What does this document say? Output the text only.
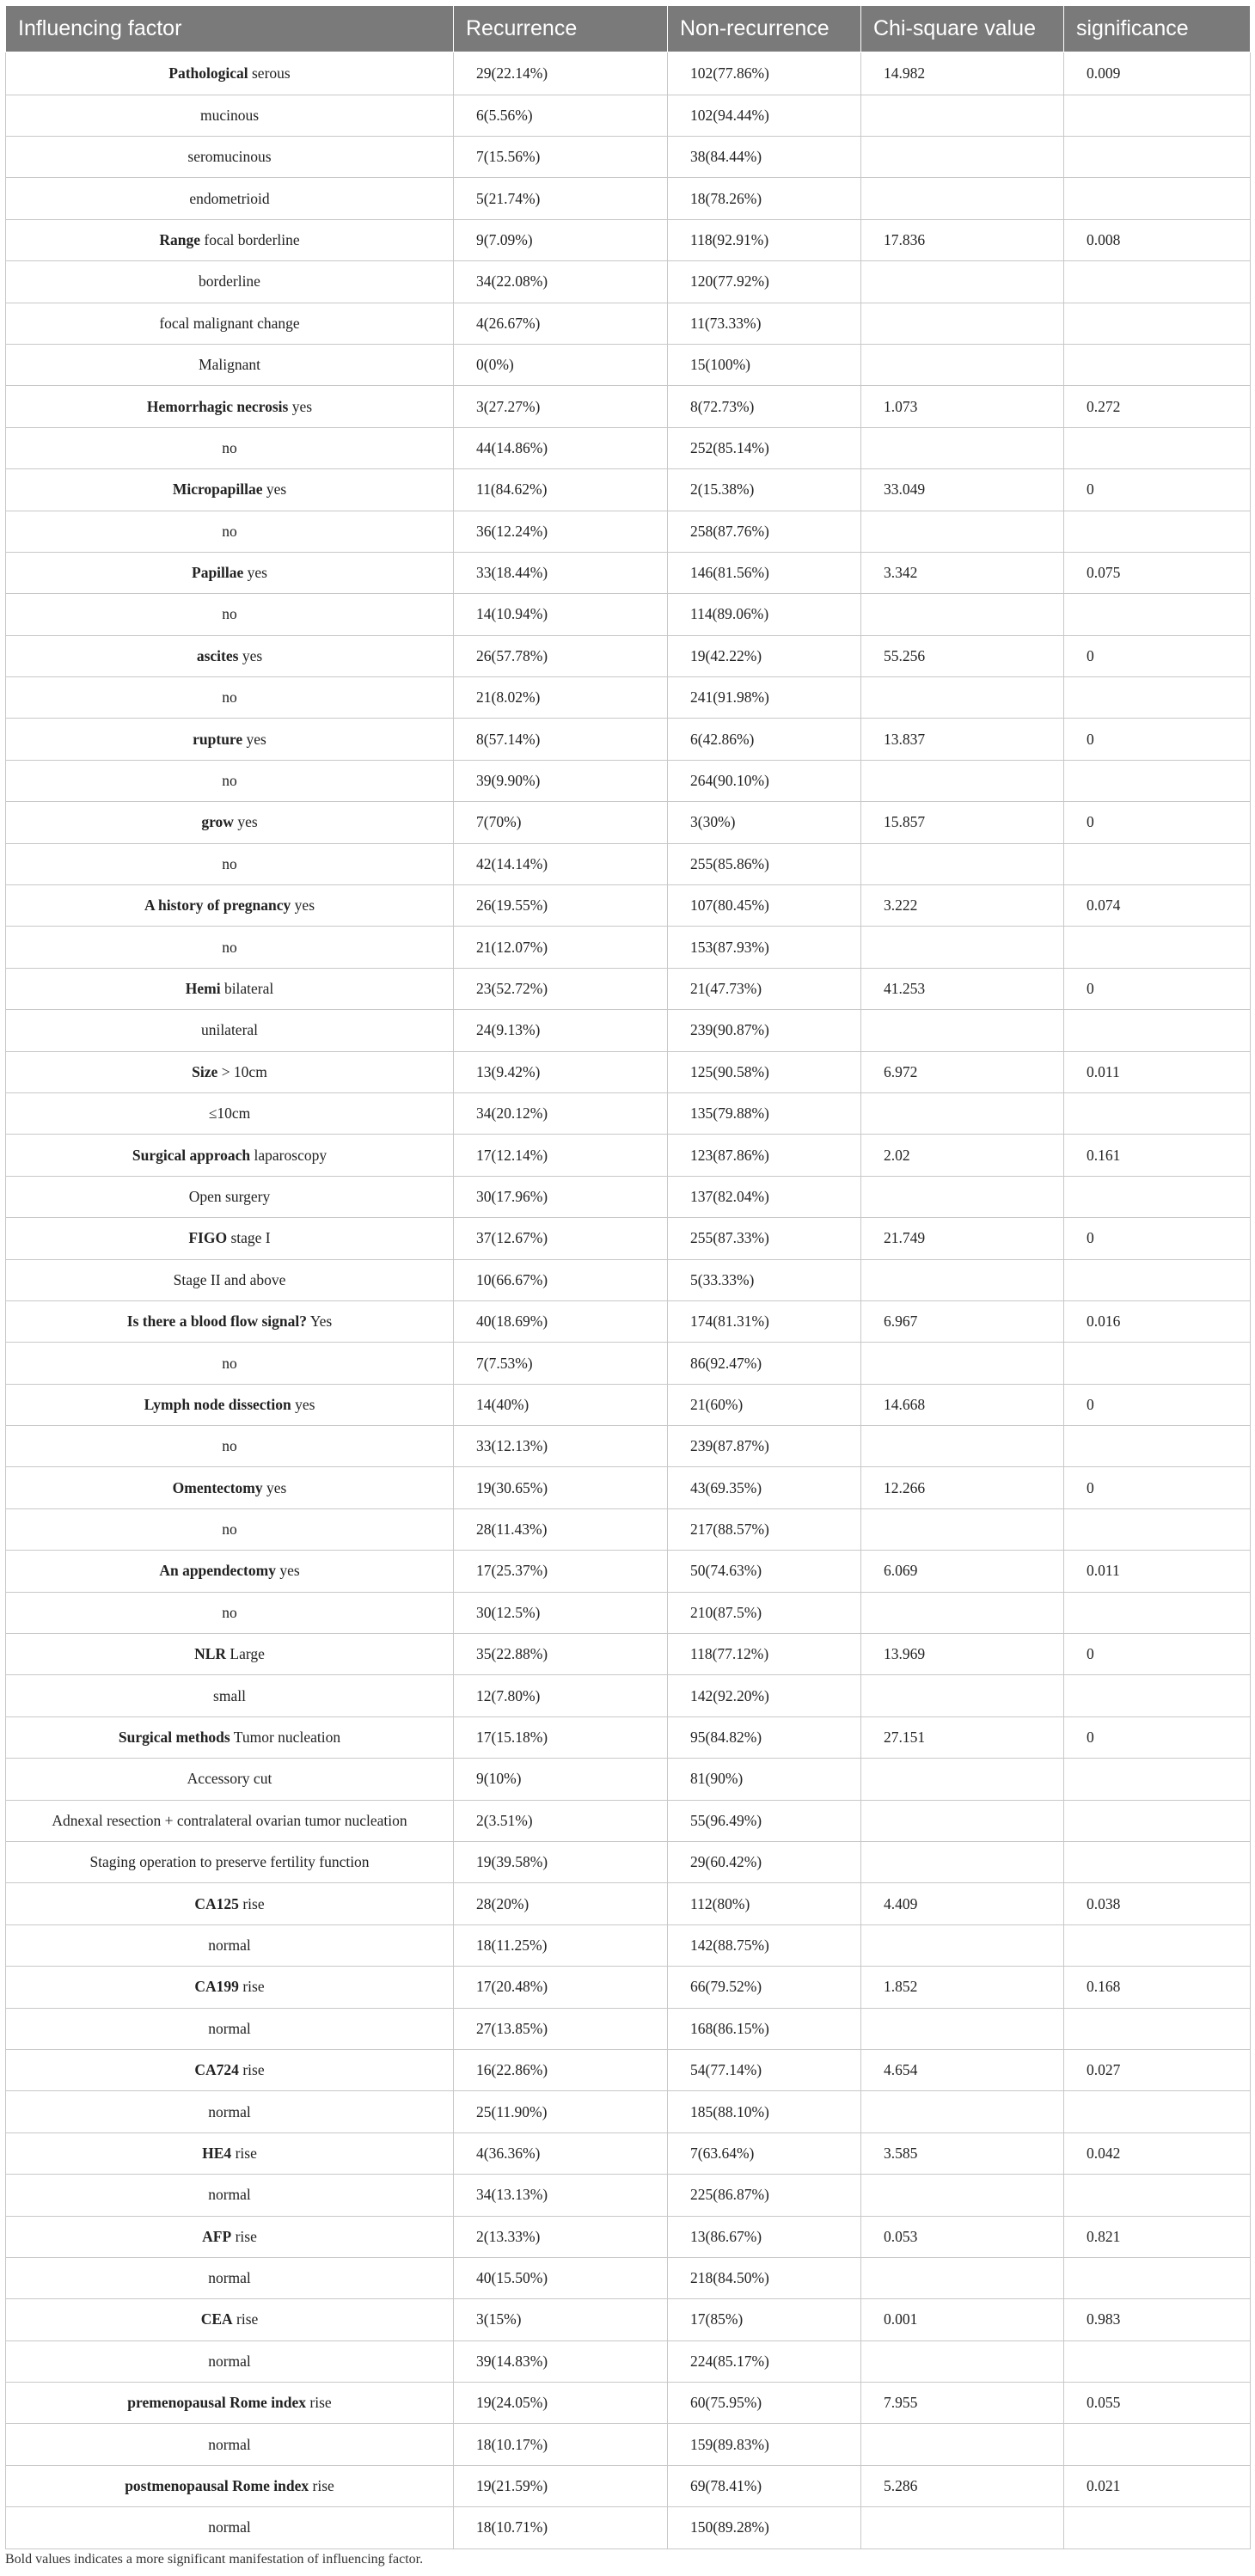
Influencing factor	Recurrence	Non-recurrence	Chi-square value	significance
Pathological serous	29(22.14%)	102(77.86%)	14.982	0.009
mucinous	6(5.56%)	102(94.44%)		
seromucinous	7(15.56%)	38(84.44%)		
endometrioid	5(21.74%)	18(78.26%)		
Range focal borderline	9(7.09%)	118(92.91%)	17.836	0.008
borderline	34(22.08%)	120(77.92%)		
focal malignant change	4(26.67%)	11(73.33%)		
Malignant	0(0%)	15(100%)		
Hemorrhagic necrosis yes	3(27.27%)	8(72.73%)	1.073	0.272
no	44(14.86%)	252(85.14%)		
Micropapillae yes	11(84.62%)	2(15.38%)	33.049	0
no	36(12.24%)	258(87.76%)		
Papillae yes	33(18.44%)	146(81.56%)	3.342	0.075
no	14(10.94%)	114(89.06%)		
ascites yes	26(57.78%)	19(42.22%)	55.256	0
no	21(8.02%)	241(91.98%)		
rupture yes	8(57.14%)	6(42.86%)	13.837	0
no	39(9.90%)	264(90.10%)		
grow yes	7(70%)	3(30%)	15.857	0
no	42(14.14%)	255(85.86%)		
A history of pregnancy yes	26(19.55%)	107(80.45%)	3.222	0.074
no	21(12.07%)	153(87.93%)		
Hemi bilateral	23(52.72%)	21(47.73%)	41.253	0
unilateral	24(9.13%)	239(90.87%)		
Size > 10cm	13(9.42%)	125(90.58%)	6.972	0.011
≤10cm	34(20.12%)	135(79.88%)		
Surgical approach laparoscopy	17(12.14%)	123(87.86%)	2.02	0.161
Open surgery	30(17.96%)	137(82.04%)		
FIGO stage I	37(12.67%)	255(87.33%)	21.749	0
Stage II and above	10(66.67%)	5(33.33%)		
Is there a blood flow signal? Yes	40(18.69%)	174(81.31%)	6.967	0.016
no	7(7.53%)	86(92.47%)		
Lymph node dissection yes	14(40%)	21(60%)	14.668	0
no	33(12.13%)	239(87.87%)		
Omentectomy yes	19(30.65%)	43(69.35%)	12.266	0
no	28(11.43%)	217(88.57%)		
An appendectomy yes	17(25.37%)	50(74.63%)	6.069	0.011
no	30(12.5%)	210(87.5%)		
NLR Large	35(22.88%)	118(77.12%)	13.969	0
small	12(7.80%)	142(92.20%)		
Surgical methods Tumor nucleation	17(15.18%)	95(84.82%)	27.151	0
Accessory cut	9(10%)	81(90%)		
Adnexal resection + contralateral ovarian tumor nucleation	2(3.51%)	55(96.49%)		
Staging operation to preserve fertility function	19(39.58%)	29(60.42%)		
CA125 rise	28(20%)	112(80%)	4.409	0.038
normal	18(11.25%)	142(88.75%)		
CA199 rise	17(20.48%)	66(79.52%)	1.852	0.168
normal	27(13.85%)	168(86.15%)		
CA724 rise	16(22.86%)	54(77.14%)	4.654	0.027
normal	25(11.90%)	185(88.10%)		
HE4 rise	4(36.36%)	7(63.64%)	3.585	0.042
normal	34(13.13%)	225(86.87%)		
AFP rise	2(13.33%)	13(86.67%)	0.053	0.821
normal	40(15.50%)	218(84.50%)		
CEA rise	3(15%)	17(85%)	0.001	0.983
normal	39(14.83%)	224(85.17%)		
premenopausal Rome index rise	19(24.05%)	60(75.95%)	7.955	0.055
normal	18(10.17%)	159(89.83%)		
postmenopausal Rome index rise	19(21.59%)	69(78.41%)	5.286	0.021
normal	18(10.71%)	150(89.28%)		
Bold values indicates a more significant manifestation of influencing factor.
